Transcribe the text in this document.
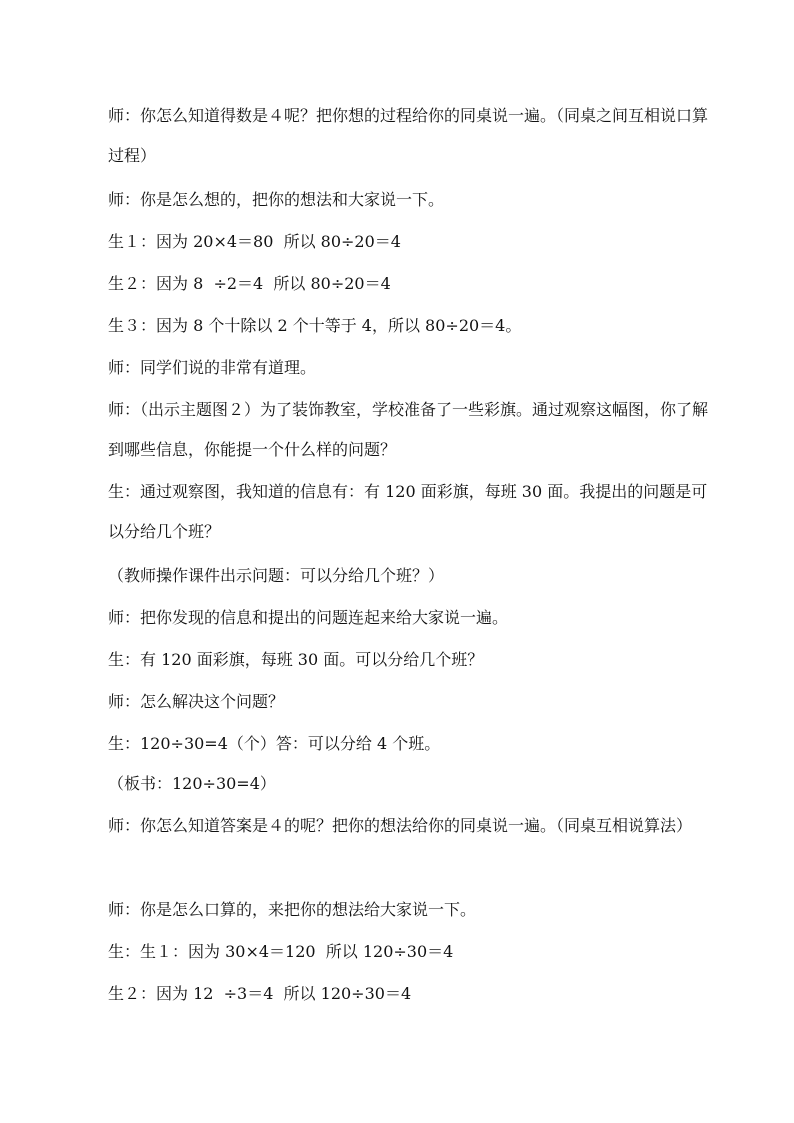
师：你怎么知道得数是４呢？把你想的过程给你的同桌说一遍。（同桌之间互相说口算过程）

师：你是怎么想的，把你的想法和大家说一下。

生１：因为 20×4＝80  所以 80÷20＝4

生２：因为 8  ÷2＝4  所以 80÷20＝4

生３：因为 8 个十除以 2 个十等于 4，所以 80÷20＝4。

师：同学们说的非常有道理。

师：（出示主题图２）为了装饰教室，学校准备了一些彩旗。通过观察这幅图，你了解到哪些信息，你能提一个什么样的问题？

生：通过观察图，我知道的信息有：有 120 面彩旗，每班 30 面。我提出的问题是可以分给几个班？

（教师操作课件出示问题：可以分给几个班？）

师：把你发现的信息和提出的问题连起来给大家说一遍。

生：有 120 面彩旗，每班 30 面。可以分给几个班？

师：怎么解决这个问题？

生：120÷30=4（个）答：可以分给 4 个班。

（板书：120÷30=4）

师：你怎么知道答案是４的呢？把你的想法给你的同桌说一遍。（同桌互相说算法）

师：你是怎么口算的，来把你的想法给大家说一下。

生：生１：因为 30×4＝120  所以 120÷30＝4

生２：因为 12  ÷3＝4  所以 120÷30＝4
